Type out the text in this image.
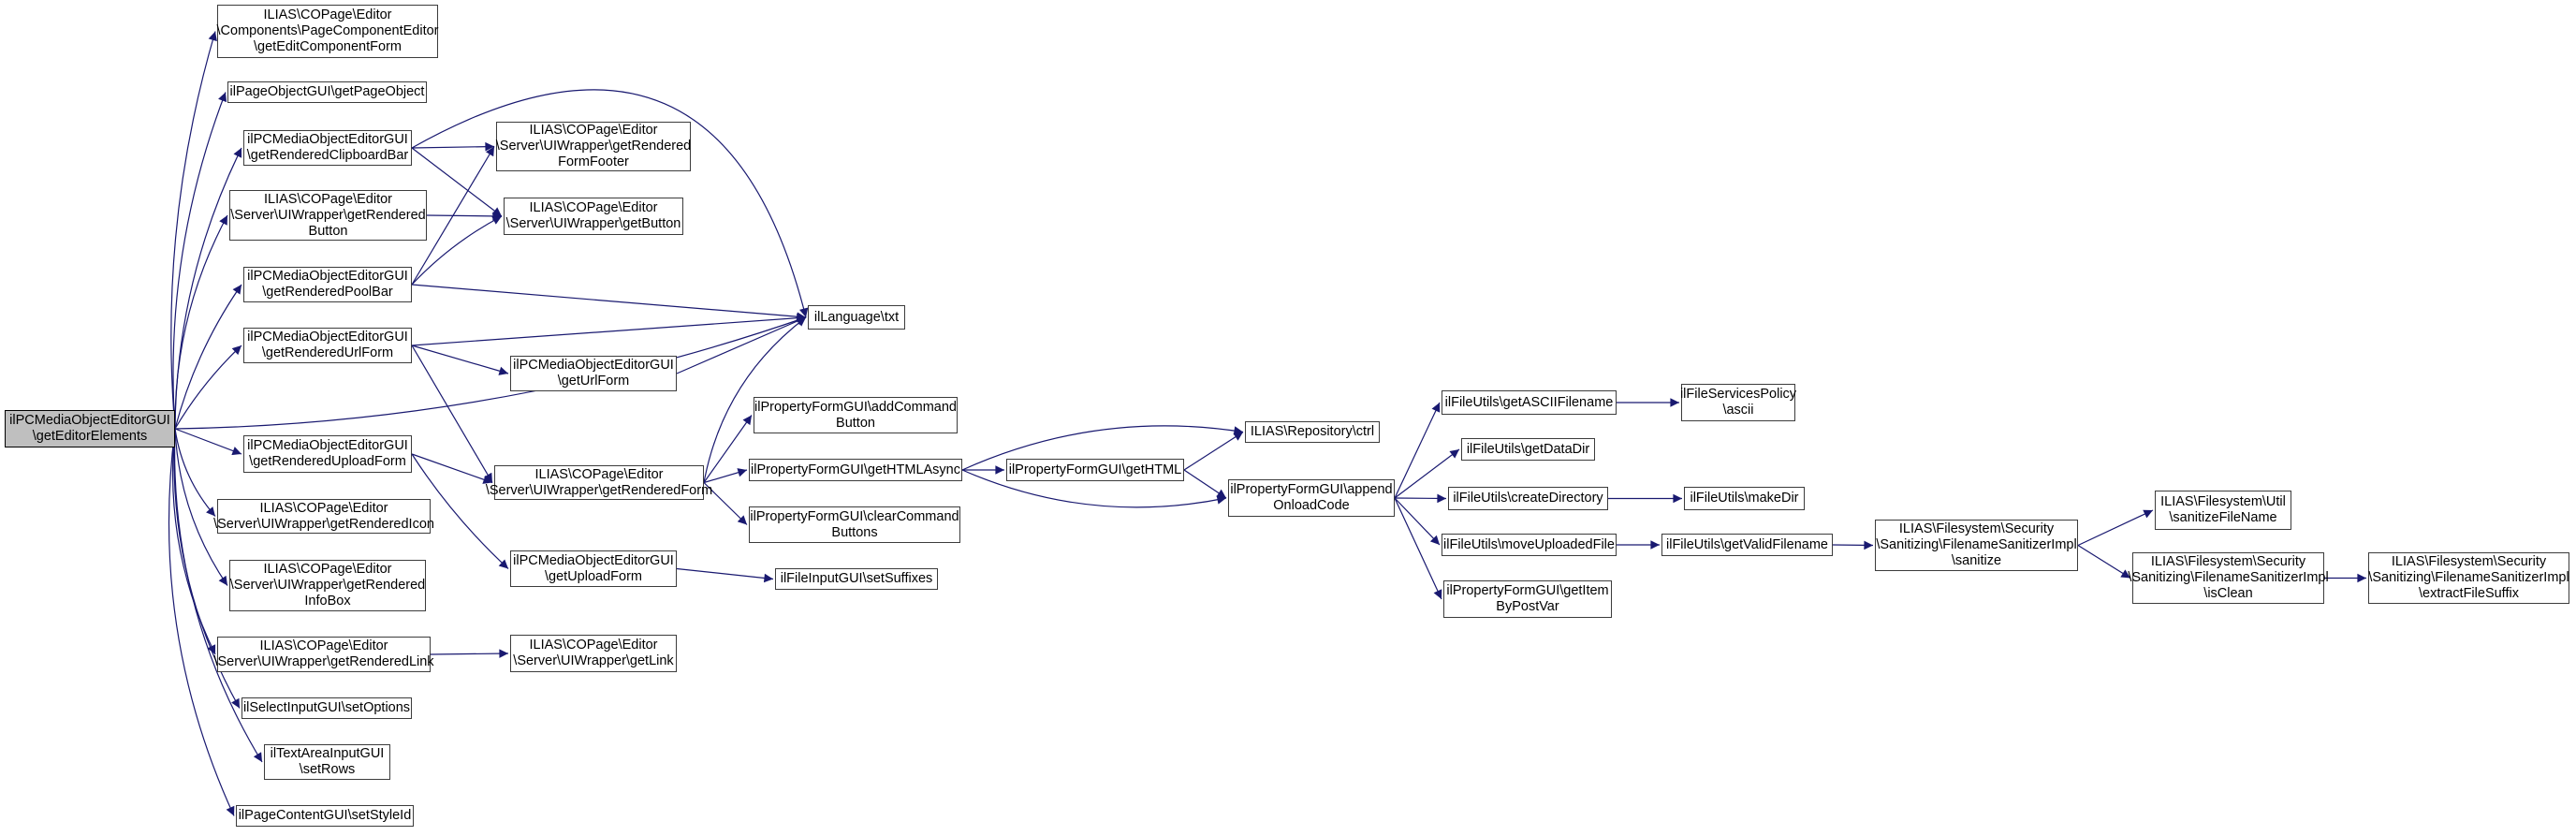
ilPCMediaObjectEditorGUI
\getEditorElements
ILIAS\COPage\Editor
\Components\PageComponentEditor
\getEditComponentForm
ilPageObjectGUI\getPageObject
ilPCMediaObjectEditorGUI
\getRenderedClipboardBar
ILIAS\COPage\Editor
\Server\UIWrapper\getRendered
Button
ilPCMediaObjectEditorGUI
\getRenderedPoolBar
ilPCMediaObjectEditorGUI
\getRenderedUrlForm
ilPCMediaObjectEditorGUI
\getRenderedUploadForm
ILIAS\COPage\Editor
\Server\UIWrapper\getRenderedIcon
ILIAS\COPage\Editor
\Server\UIWrapper\getRendered
InfoBox
ILIAS\COPage\Editor
\Server\UIWrapper\getRenderedLink
ilSelectInputGUI\setOptions
ilTextAreaInputGUI
\setRows
ilPageContentGUI\setStyleId
ILIAS\COPage\Editor
\Server\UIWrapper\getRendered
FormFooter
ILIAS\COPage\Editor
\Server\UIWrapper\getButton
ilLanguage\txt
ilPCMediaObjectEditorGUI
\getUrlForm
ILIAS\COPage\Editor
\Server\UIWrapper\getRenderedForm
ilPCMediaObjectEditorGUI
\getUploadForm
ILIAS\COPage\Editor
\Server\UIWrapper\getLink
ilPropertyFormGUI\addCommand
Button
ilPropertyFormGUI\getHTMLAsync
ilPropertyFormGUI\clearCommand
Buttons
ilFileInputGUI\setSuffixes
ilPropertyFormGUI\getHTML
ILIAS\Repository\ctrl
ilPropertyFormGUI\append
OnloadCode
ilFileUtils\getASCIIFilename
ilFileUtils\getDataDir
ilFileUtils\createDirectory
ilFileUtils\moveUploadedFile
ilPropertyFormGUI\getItem
ByPostVar
ilFileServicesPolicy
\ascii
ilFileUtils\makeDir
ilFileUtils\getValidFilename
ILIAS\Filesystem\Security
\Sanitizing\FilenameSanitizerImpl
\sanitize
ILIAS\Filesystem\Util
\sanitizeFileName
ILIAS\Filesystem\Security
\Sanitizing\FilenameSanitizerImpl
\isClean
ILIAS\Filesystem\Security
\Sanitizing\FilenameSanitizerImpl
\extractFileSuffix
